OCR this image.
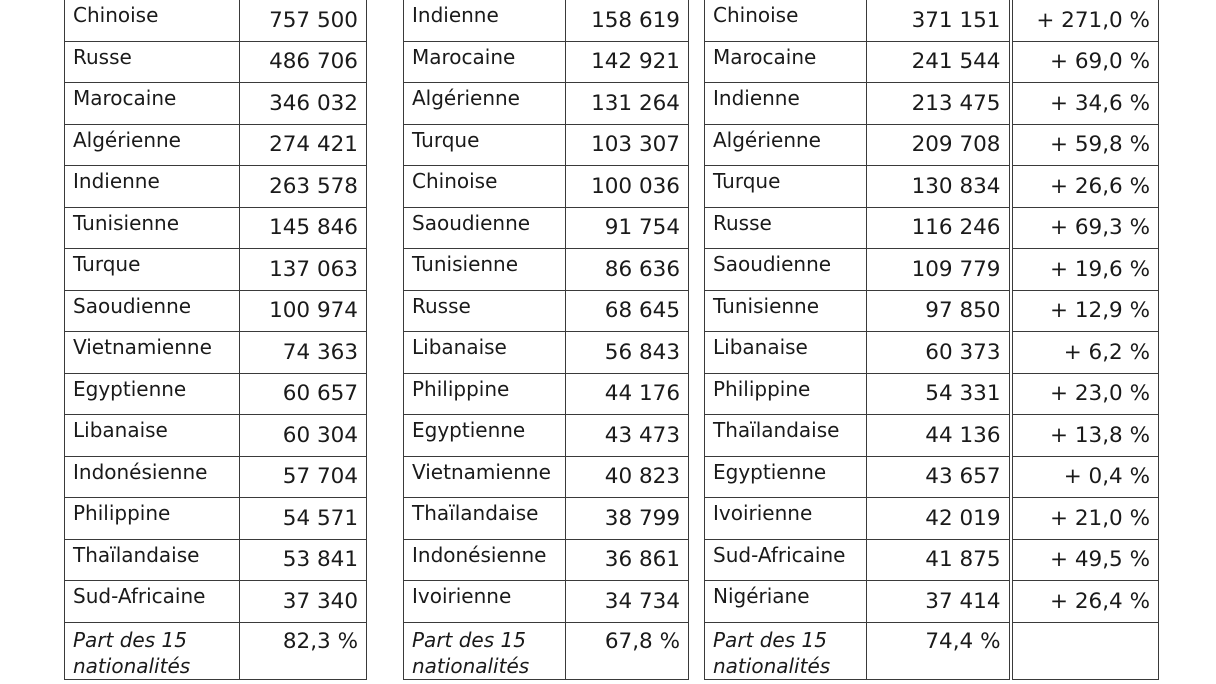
Chinoise	757 500
Russe	486 706
Marocaine	346 032
Algérienne	274 421
Indienne	263 578
Tunisienne	145 846
Turque	137 063
Saoudienne	100 974
Vietnamienne	74 363
Egyptienne	60 657
Libanaise	60 304
Indonésienne	57 704
Philippine	54 571
Thaïlandaise	53 841
Sud-Africaine	37 340
Part des 15 nationalités	82,3 %
Indienne	158 619
Marocaine	142 921
Algérienne	131 264
Turque	103 307
Chinoise	100 036
Saoudienne	91 754
Tunisienne	86 636
Russe	68 645
Libanaise	56 843
Philippine	44 176
Egyptienne	43 473
Vietnamienne	40 823
Thaïlandaise	38 799
Indonésienne	36 861
Ivoirienne	34 734
Part des 15 nationalités	67,8 %
Chinoise	371 151	+ 271,0 %
Marocaine	241 544	+ 69,0 %
Indienne	213 475	+ 34,6 %
Algérienne	209 708	+ 59,8 %
Turque	130 834	+ 26,6 %
Russe	116 246	+ 69,3 %
Saoudienne	109 779	+ 19,6 %
Tunisienne	97 850	+ 12,9 %
Libanaise	60 373	+ 6,2 %
Philippine	54 331	+ 23,0 %
Thaïlandaise	44 136	+ 13,8 %
Egyptienne	43 657	+ 0,4 %
Ivoirienne	42 019	+ 21,0 %
Sud-Africaine	41 875	+ 49,5 %
Nigériane	37 414	+ 26,4 %
Part des 15 nationalités	74,4 %	
